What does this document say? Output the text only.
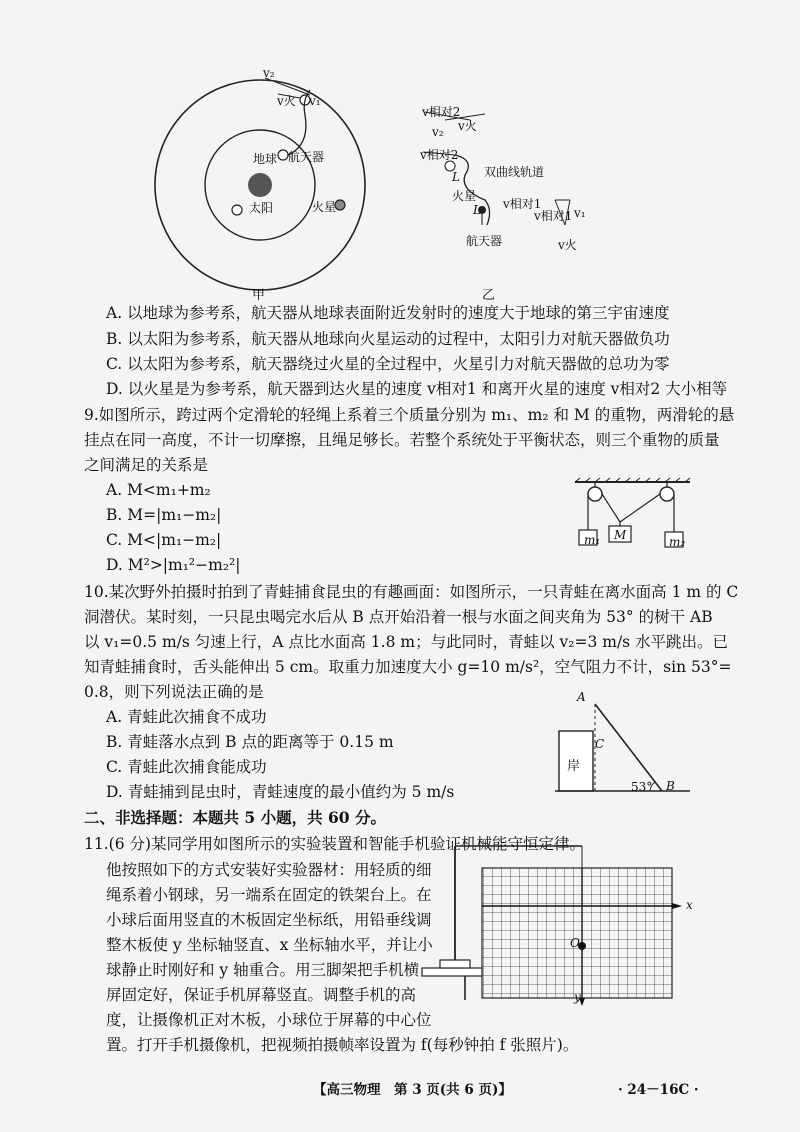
v₂
v火 v₁
地球 航天器
太阳	火星
甲
v相对2
v火
v₂
v相对2
双曲线轨道
L
火星
v相对1
L	v相对1 v₁
v火
航天器
乙
A. 以地球为参考系，航天器从地球表面附近发射时的速度大于地球的第三宇宙速度
B. 以太阳为参考系，航天器从地球向火星运动的过程中，太阳引力对航天器做负功
C. 以太阳为参考系，航天器绕过火星的全过程中，火星引力对航天器做的总功为零
D. 以火星是为参考系，航天器到达火星的速度 v相对1 和离开火星的速度 v相对2 大小相等
9.如图所示，跨过两个定滑轮的轻绳上系着三个质量分别为 m₁、m₂ 和 M 的重物，两滑轮的悬
挂点在同一高度，不计一切摩擦，且绳足够长。若整个系统处于平衡状态，则三个重物的质量
之间满足的关系是
A. M<m₁+m₂
B. M=|m₁−m₂|
C. M<|m₁−m₂|
D. M²>|m₁²−m₂²|
m₁ M	m₂
10.某次野外拍摄时拍到了青蛙捕食昆虫的有趣画面：如图所示，一只青蛙在离水面高 1 m 的 C
洞潜伏。某时刻，一只昆虫喝完水后从 B 点开始沿着一根与水面之间夹角为 53° 的树干 AB
以 v₁=0.5 m/s 匀速上行，A 点比水面高 1.8 m；与此同时，青蛙以 v₂=3 m/s 水平跳出。已
知青蛙捕食时，舌头能伸出 5 cm。取重力加速度大小 g=10 m/s²，空气阻力不计，sin 53°=
0.8，则下列说法正确的是
A. 青蛙此次捕食不成功
B. 青蛙落水点到 B 点的距离等于 0.15 m
C. 青蛙此次捕食能成功
D. 青蛙捕到昆虫时，青蛙速度的最小值约为 5 m/s
A
C
岸
53° B
二、非选择题：本题共 5 小题，共 60 分。
11.(6 分)某同学用如图所示的实验装置和智能手机验证机械能守恒定律。
他按照如下的方式安装好实验器材：用轻质的细
绳系着小钢球，另一端系在固定的铁架台上。在
小球后面用竖直的木板固定坐标纸，用铅垂线调
整木板使 y 坐标轴竖直、x 坐标轴水平，并让小
球静止时刚好和 y 轴重合。用三脚架把手机横
屏固定好，保证手机屏幕竖直。调整手机的高
度，让摄像机正对木板，小球位于屏幕的中心位
置。打开手机摄像机，把视频拍摄帧率设置为 f(每秒钟拍 f 张照片)。
x
y
O
【高三物理　第 3 页(共 6 页)】	· 24－16C ·
